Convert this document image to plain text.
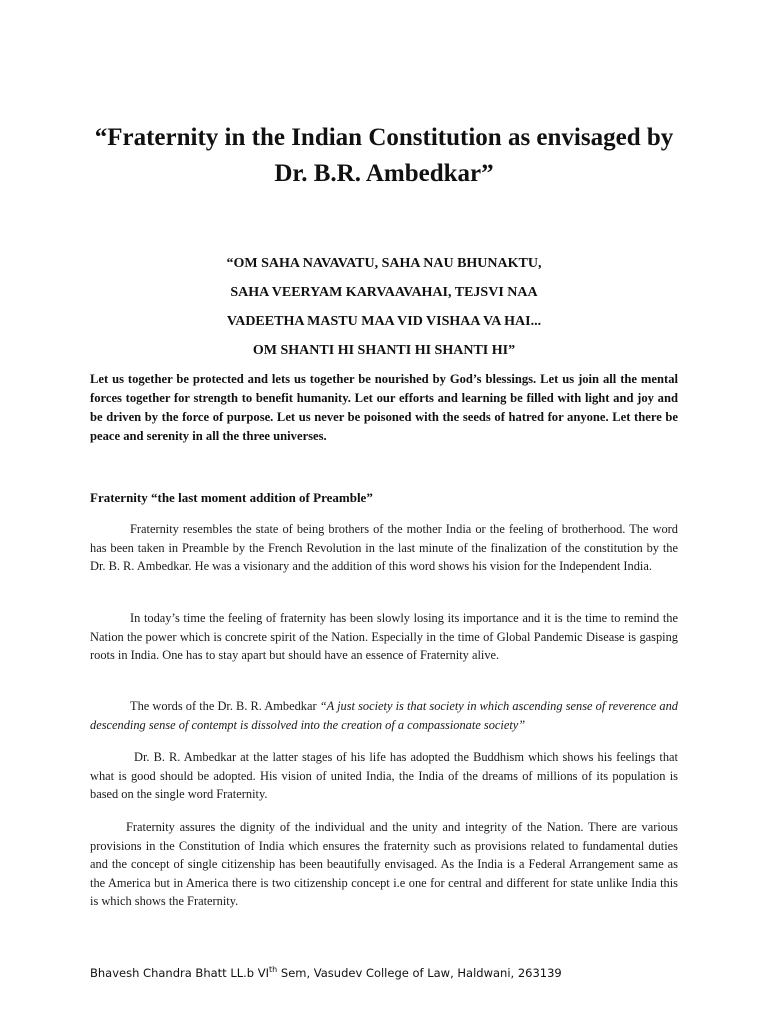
“Fraternity in the Indian Constitution as envisaged by
Dr. B.R. Ambedkar”
“OM SAHA NAVAVATU, SAHA NAU BHUNAKTU,
SAHA VEERYAM KARVAAVAHAI, TEJSVI NAA
VADEETHA MASTU MAA VID VISHAA VA HAI...
OM SHANTI HI SHANTI HI SHANTI HI”

Let us together be protected and lets us together be nourished by God’s blessings. Let us join all the mental forces together for strength to benefit humanity. Let our efforts and learning be filled with light and joy and be driven by the force of purpose. Let us never be poisoned with the seeds of hatred for anyone. Let there be peace and serenity in all the three universes.

Fraternity “the last moment addition of Preamble”

Fraternity resembles the state of being brothers of the mother India or the feeling of brotherhood. The word has been taken in Preamble by the French Revolution in the last minute of the finalization of the constitution by the Dr. B. R. Ambedkar. He was a visionary and the addition of this word shows his vision for the Independent India.

In today’s time the feeling of fraternity has been slowly losing its importance and it is the time to remind the Nation the power which is concrete spirit of the Nation. Especially in the time of Global Pandemic Disease is gasping roots in India. One has to stay apart but should have an essence of Fraternity alive.

The words of the Dr. B. R. Ambedkar “A just society is that society in which ascending sense of reverence and descending sense of contempt is dissolved into the creation of a compassionate society”

Dr. B. R. Ambedkar at the latter stages of his life has adopted the Buddhism which shows his feelings that what is good should be adopted. His vision of united India, the India of the dreams of millions of its population is based on the single word Fraternity.

Fraternity assures the dignity of the individual and the unity and integrity of the Nation. There are various provisions in the Constitution of India which ensures the fraternity such as provisions related to fundamental duties and the concept of single citizenship has been beautifully envisaged. As the India is a Federal Arrangement same as the America but in America there is two citizenship concept i.e one for central and different for state unlike India this is which shows the Fraternity.

Bhavesh Chandra Bhatt LL.b VIth Sem, Vasudev College of Law, Haldwani, 263139
